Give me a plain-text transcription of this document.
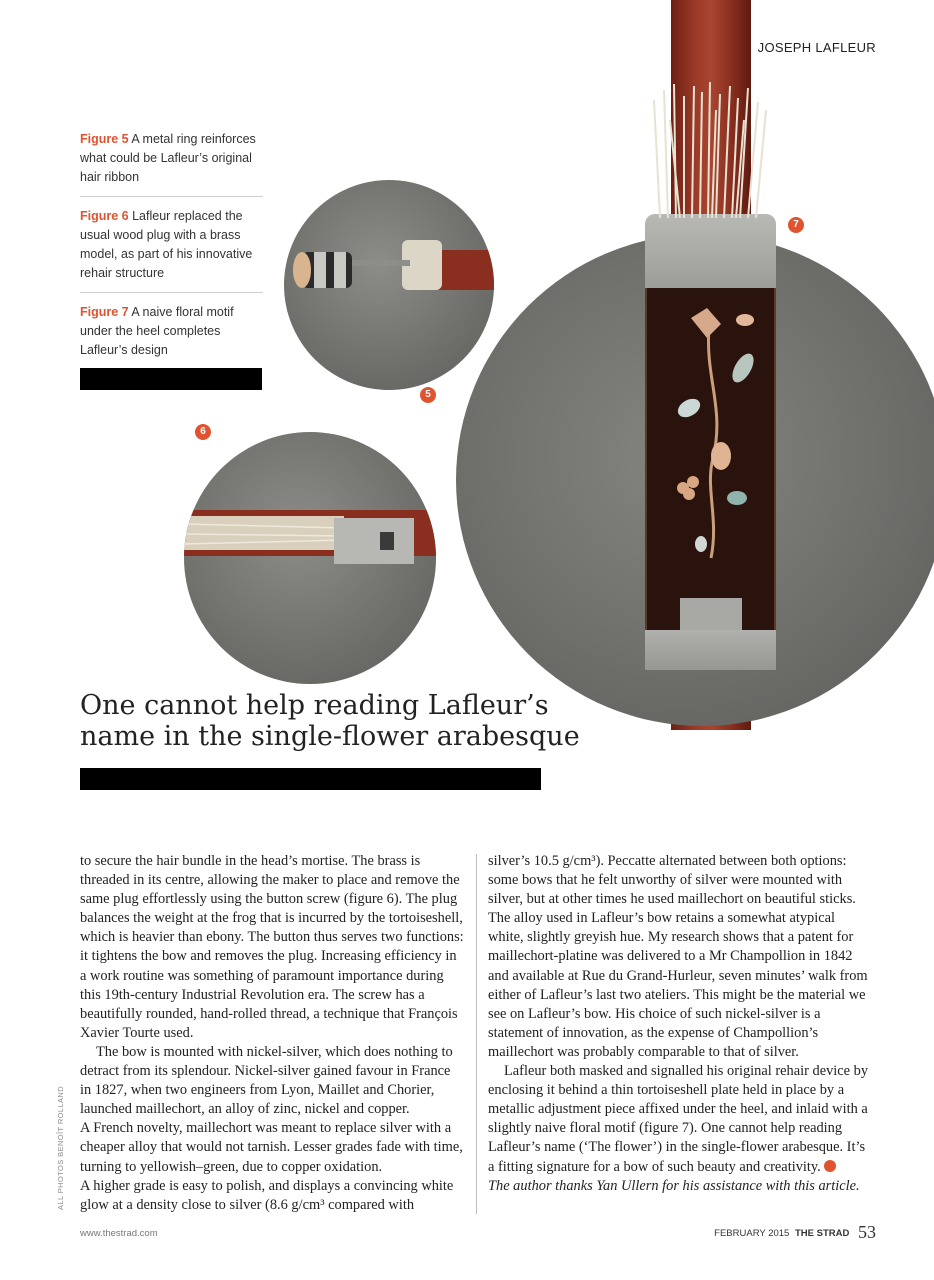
JOSEPH LAFLEUR
Figure 5 A metal ring reinforces what could be Lafleur’s original hair ribbon
Figure 6 Lafleur replaced the usual wood plug with a brass model, as part of his innovative rehair structure
Figure 7 A naive floral motif under the heel completes Lafleur’s design
7
5
6
One cannot help reading Lafleur’s name in the single-flower arabesque

to secure the hair bundle in the head’s mortise. The brass is threaded in its centre, allowing the maker to place and remove the same plug effortlessly using the button screw (figure 6). The plug balances the weight at the frog that is incurred by the tortoiseshell, which is heavier than ebony. The button thus serves two functions: it tightens the bow and removes the plug. Increasing efficiency in a work routine was something of paramount importance during this 19th-century Industrial Revolution era. The screw has a beautifully rounded, hand-rolled thread, a technique that François Xavier Tourte used.

The bow is mounted with nickel-silver, which does nothing to detract from its splendour. Nickel-silver gained favour in France in 1827, when two engineers from Lyon, Maillet and Chorier, launched maillechort, an alloy of zinc, nickel and copper.

A French novelty, maillechort was meant to replace silver with a cheaper alloy that would not tarnish. Lesser grades fade with time, turning to yellowish–green, due to copper oxidation.

A higher grade is easy to polish, and displays a convincing white glow at a density close to silver (8.6 g/cm³ compared with

silver’s 10.5 g/cm³). Peccatte alternated between both options: some bows that he felt unworthy of silver were mounted with silver, but at other times he used maillechort on beautiful sticks. The alloy used in Lafleur’s bow retains a somewhat atypical white, slightly greyish hue. My research shows that a patent for maillechort-platine was delivered to a Mr Champollion in 1842 and available at Rue du Grand-Hurleur, seven minutes’ walk from either of Lafleur’s last two ateliers. This might be the material we see on Lafleur’s bow. His choice of such nickel-silver is a statement of innovation, as the expense of Champollion’s maillechort was probably comparable to that of silver.

Lafleur both masked and signalled his original rehair device by enclosing it behind a thin tortoiseshell plate held in place by a metallic adjustment piece affixed under the heel, and inlaid with a slightly naive floral motif (figure 7). One cannot help reading Lafleur’s name (‘The flower’) in the single-flower arabesque. It’s a fitting signature for a bow of such beauty and creativity.

The author thanks Yan Ullern for his assistance with this article.

ALL PHOTOS BENOÎT ROLLAND
www.thestrad.com	FEBRUARY 2015 THE STRAD 53
